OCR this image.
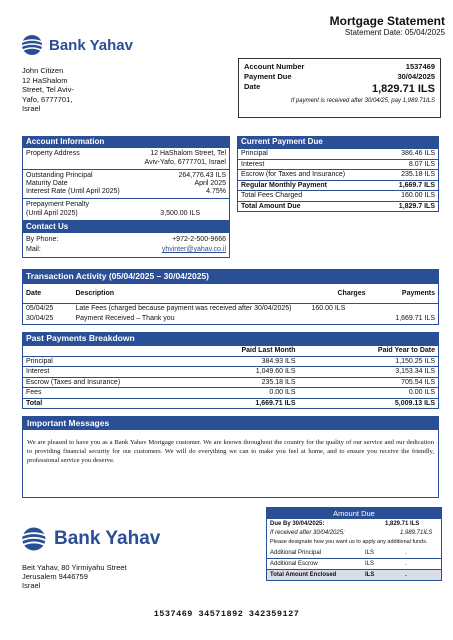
Mortgage Statement
Statement Date: 05/04/2025
Bank Yahav
John Citizen
12 HaShalom
Street, Tel Aviv-
Yafo, 6777701,
Israel
Account Number	1537469
Payment Due	30/04/2025
Date	1,829.71 ILS
If payment is received after 30/04/25, pay 1,989.71ILS
Account Information
Property Address	12 HaShalom Street, Tel
Aviv-Yafo, 6777701, Israel
Outstanding Principal	264,776.43 ILS
Maturity Date	April 2025
Interest Rate (Until April 2025)	4.75%
Prepayment Penalty
(Until April 2025)	3,500.00 ILS
Contact Us
By Phone:	+972-2-500-9666
Mail:	yhvinter@yahav.co.il
Current Payment Due
Principal	386.46 ILS
Interest	8.07 ILS
Escrow (for Taxes and Insurance)	235.18 ILS
Regular Monthly Payment	1,669.7 ILS
Total Fees Charged	160.00 ILS
Total Amount Due	1,829.7 ILS
Transaction Activity (05/04/2025 – 30/04/2025)
Date	Description	Charges	Payments
05/04/25	Late Fees (charged because payment was received after 30/04/2025)	160.00 ILS	
30/04/25	Payment Received – Thank you		1,669.71 ILS
Past Payments Breakdown
	Paid Last Month	Paid Year to Date
Principal	384.93 ILS	1,150.25 ILS
Interest	1,049.60 ILS	3,153.34 ILS
Escrow (Taxes and Insurance)	235.18 ILS	705.54 ILS
Fees	0.00 ILS	0.00 ILS
Total	1,669.71 ILS	5,009.13 ILS
Important Messages
We are pleased to have you as a Bank Yahav Mortgage customer. We are known throughout the country for the quality of our service and our dedication to providing financial security for our customers. We will do everything we can to make you feel at home, and to ensure you receive the friendly, professional service you deserve.
Amount Due
Due By 30/04/2025:	1,829.71 ILS
If received after 30/04/2025:	1,989.71ILS
Please designate how you want us to apply any additional funds.
Additional Principal	ILS	.
Additional Escrow	ILS	.
Total Amount Enclosed	ILS	.
Bank Yahav
Beit Yahav, 80 Yirmiyahu Street
Jerusalem 9446759
Israel
1537469 34571892 342359127
